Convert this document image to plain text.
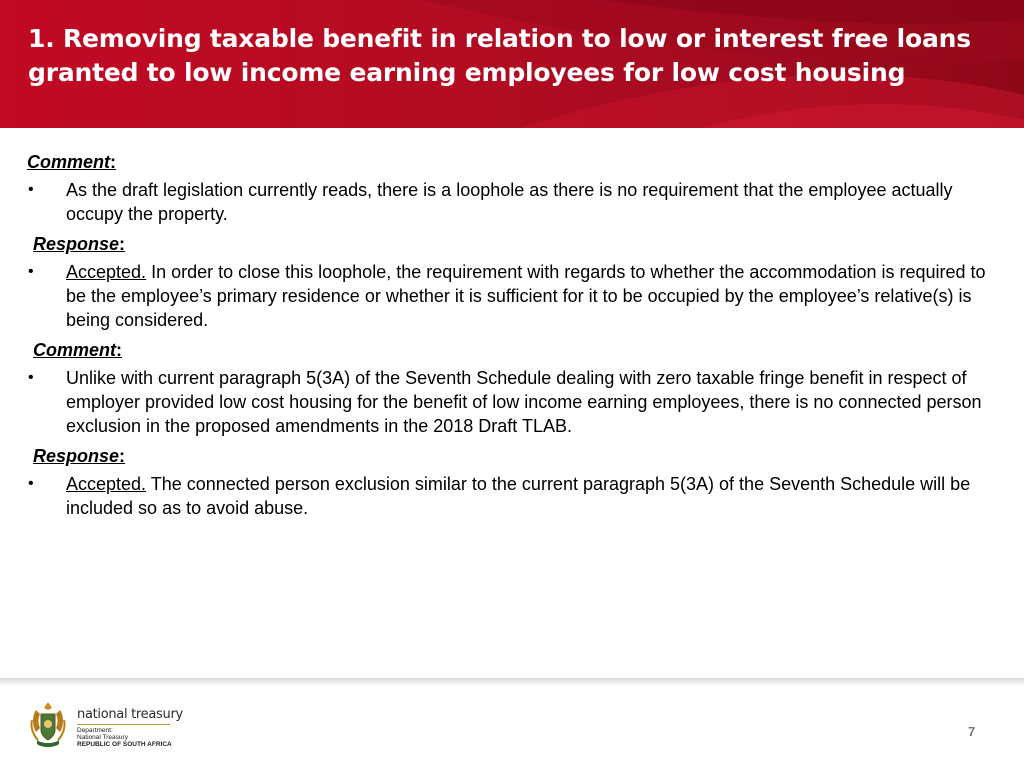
1. Removing taxable benefit in relation to low or interest free loans granted to low income earning employees for low cost housing
Comment:
• As the draft legislation currently reads, there is a loophole as there is no requirement that the employee actually occupy the property.
Response:
• Accepted. In order to close this loophole, the requirement with regards to whether the accommodation is required to be the employee’s primary residence or whether it is sufficient for it to be occupied by the employee’s relative(s) is being considered.
Comment:
• Unlike with current paragraph 5(3A) of the Seventh Schedule dealing with zero taxable fringe benefit in respect of employer provided low cost housing for the benefit of low income earning employees, there is no connected person exclusion in the proposed amendments in the 2018 Draft TLAB.
Response:
• Accepted. The connected person exclusion similar to the current paragraph 5(3A) of the Seventh Schedule will be included so as to avoid abuse.
national treasury
Department:
National Treasury
REPUBLIC OF SOUTH AFRICA
7
